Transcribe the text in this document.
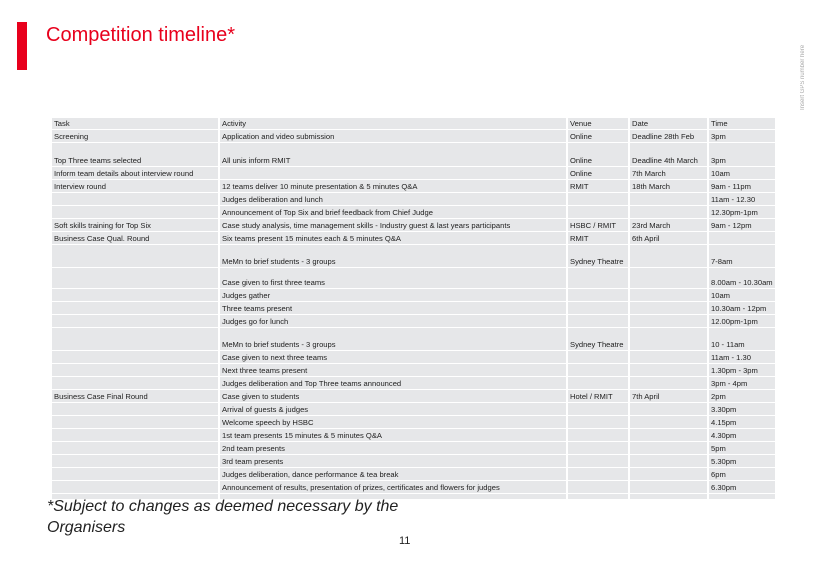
Competition timeline*
Insert GPS number here
Task	Activity	Venue	Date	Time
Screening	Application and video submission	Online	Deadline 28th Feb	3pm
Top Three teams selected	All unis inform RMIT	Online	Deadline 4th March	3pm
Inform team details about interview round		Online	7th March	10am
Interview round	12 teams deliver 10 minute presentation & 5 minutes Q&A	RMIT	18th March	9am - 11pm
	Judges deliberation and lunch			11am - 12.30
	Announcement of Top Six and brief feedback from Chief Judge			12.30pm-1pm
Soft skills training for Top Six	Case study analysis, time management skills - Industry guest & last years participants	HSBC / RMIT	23rd March	9am - 12pm
Business Case Qual. Round	Six teams present 15 minutes each & 5 minutes Q&A	RMIT	6th April	
	MeMn to brief students - 3 groups	Sydney Theatre		7-8am
	Case given to first three teams			8.00am - 10.30am
	Judges gather			10am
	Three teams present			10.30am - 12pm
	Judges go for lunch			12.00pm-1pm
	MeMn to brief students - 3 groups	Sydney Theatre		10 - 11am
	Case given to next three teams			11am - 1.30
	Next three teams present			1.30pm - 3pm
	Judges deliberation and Top Three teams announced			3pm - 4pm
Business Case Final Round	Case given to students	Hotel / RMIT	7th April	2pm
	Arrival of guests & judges			3.30pm
	Welcome speech by HSBC			4.15pm
	1st team presents 15 minutes & 5 minutes Q&A			4.30pm
	2nd team presents			5pm
	3rd team presents			5.30pm
	Judges deliberation, dance performance & tea break			6pm
	Announcement of results, presentation of prizes, certificates and flowers for judges			6.30pm

*Subject to changes as deemed necessary by the Organisers
11
